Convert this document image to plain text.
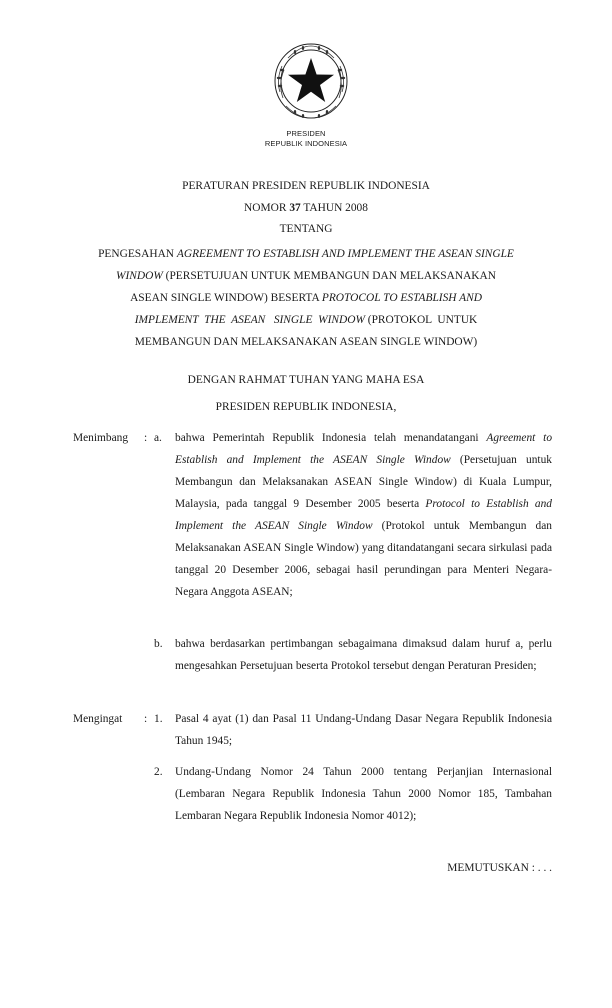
PRESIDEN
REPUBLIK INDONESIA
PERATURAN PRESIDEN REPUBLIK INDONESIA
NOMOR 37 TAHUN 2008
TENTANG
PENGESAHAN AGREEMENT TO ESTABLISH AND IMPLEMENT THE ASEAN SINGLE
WINDOW (PERSETUJUAN UNTUK MEMBANGUN DAN MELAKSANAKAN
ASEAN SINGLE WINDOW) BESERTA PROTOCOL TO ESTABLISH AND
IMPLEMENT  THE  ASEAN   SINGLE  WINDOW (PROTOKOL  UNTUK
MEMBANGUN DAN MELAKSANAKAN ASEAN SINGLE WINDOW)
DENGAN RAHMAT TUHAN YANG MAHA ESA
PRESIDEN REPUBLIK INDONESIA,
Menimbang : a. bahwa Pemerintah Republik Indonesia telah menandatangani Agreement to Establish and Implement the ASEAN Single Window (Persetujuan untuk Membangun dan Melaksanakan ASEAN Single Window) di Kuala Lumpur, Malaysia, pada tanggal 9 Desember 2005 beserta Protocol to Establish and Implement the ASEAN Single Window (Protokol untuk Membangun dan Melaksanakan ASEAN Single Window) yang ditandatangani secara sirkulasi pada tanggal 20 Desember 2006, sebagai hasil perundingan para Menteri Negara-Negara Anggota ASEAN;
b. bahwa berdasarkan pertimbangan sebagaimana dimaksud dalam huruf a, perlu mengesahkan Persetujuan beserta Protokol tersebut dengan Peraturan Presiden;
Mengingat : 1. Pasal 4 ayat (1) dan Pasal 11 Undang-Undang Dasar Negara Republik Indonesia Tahun 1945;
2. Undang-Undang Nomor 24 Tahun 2000 tentang Perjanjian Internasional (Lembaran Negara Republik Indonesia Tahun 2000 Nomor 185, Tambahan Lembaran Negara Republik Indonesia Nomor 4012);
MEMUTUSKAN : . . .
